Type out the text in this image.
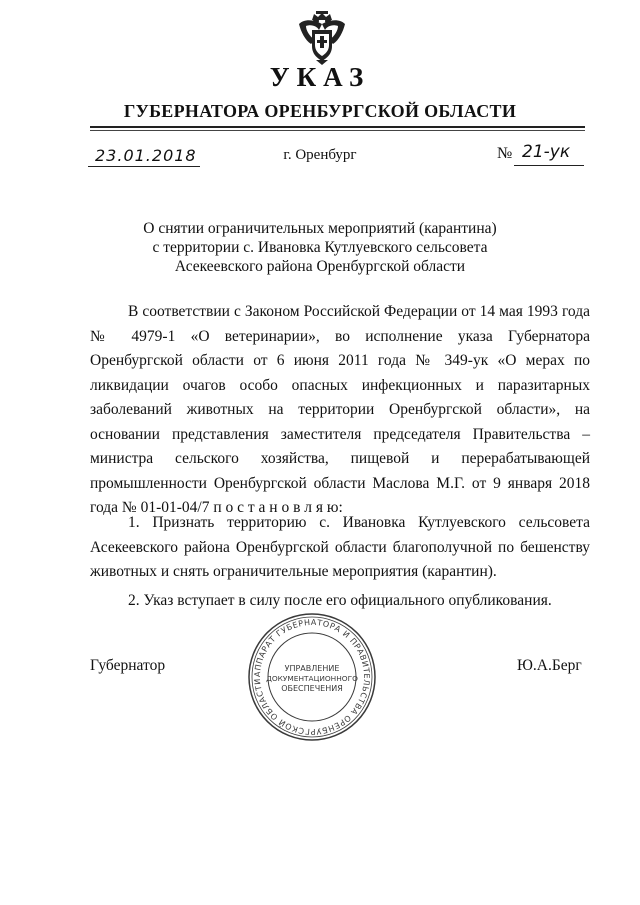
УКАЗ
ГУБЕРНАТОРА ОРЕНБУРГСКОЙ ОБЛАСТИ
23.01.2018	г. Оренбург	№ 21-ук
О снятии ограничительных мероприятий (карантина)
с территории с. Ивановка Кутлуевского сельсовета
Асекеевского района Оренбургской области

В соответствии с Законом Российской Федерации от 14 мая 1993 года № 4979-1 «О ветеринарии», во исполнение указа Губернатора Оренбургской области от 6 июня 2011 года № 349-ук «О мерах по ликвидации очагов особо опасных инфекционных и паразитарных заболеваний животных на территории Оренбургской области», на основании представления заместителя председателя Правительства – министра сельского хозяйства, пищевой и перерабатывающей промышленности Оренбургской области Маслова М.Г. от 9 января 2018 года № 01-01-04/7 п о с т а н о в л я ю:

1. Признать территорию с. Ивановка Кутлуевского сельсовета Асекеевского района Оренбургской области благополучной по бешенству животных и снять ограничительные мероприятия (карантин).

2. Указ вступает в силу после его официального опубликования.

Губернатор	Ю.А.Берг
АППАРАТ ГУБЕРНАТОРА И ПРАВИТЕЛЬСТВА ОРЕНБУРГСКОЙ ОБЛАСТИ
УПРАВЛЕНИЕ
ДОКУМЕНТАЦИОННОГО
ОБЕСПЕЧЕНИЯ
